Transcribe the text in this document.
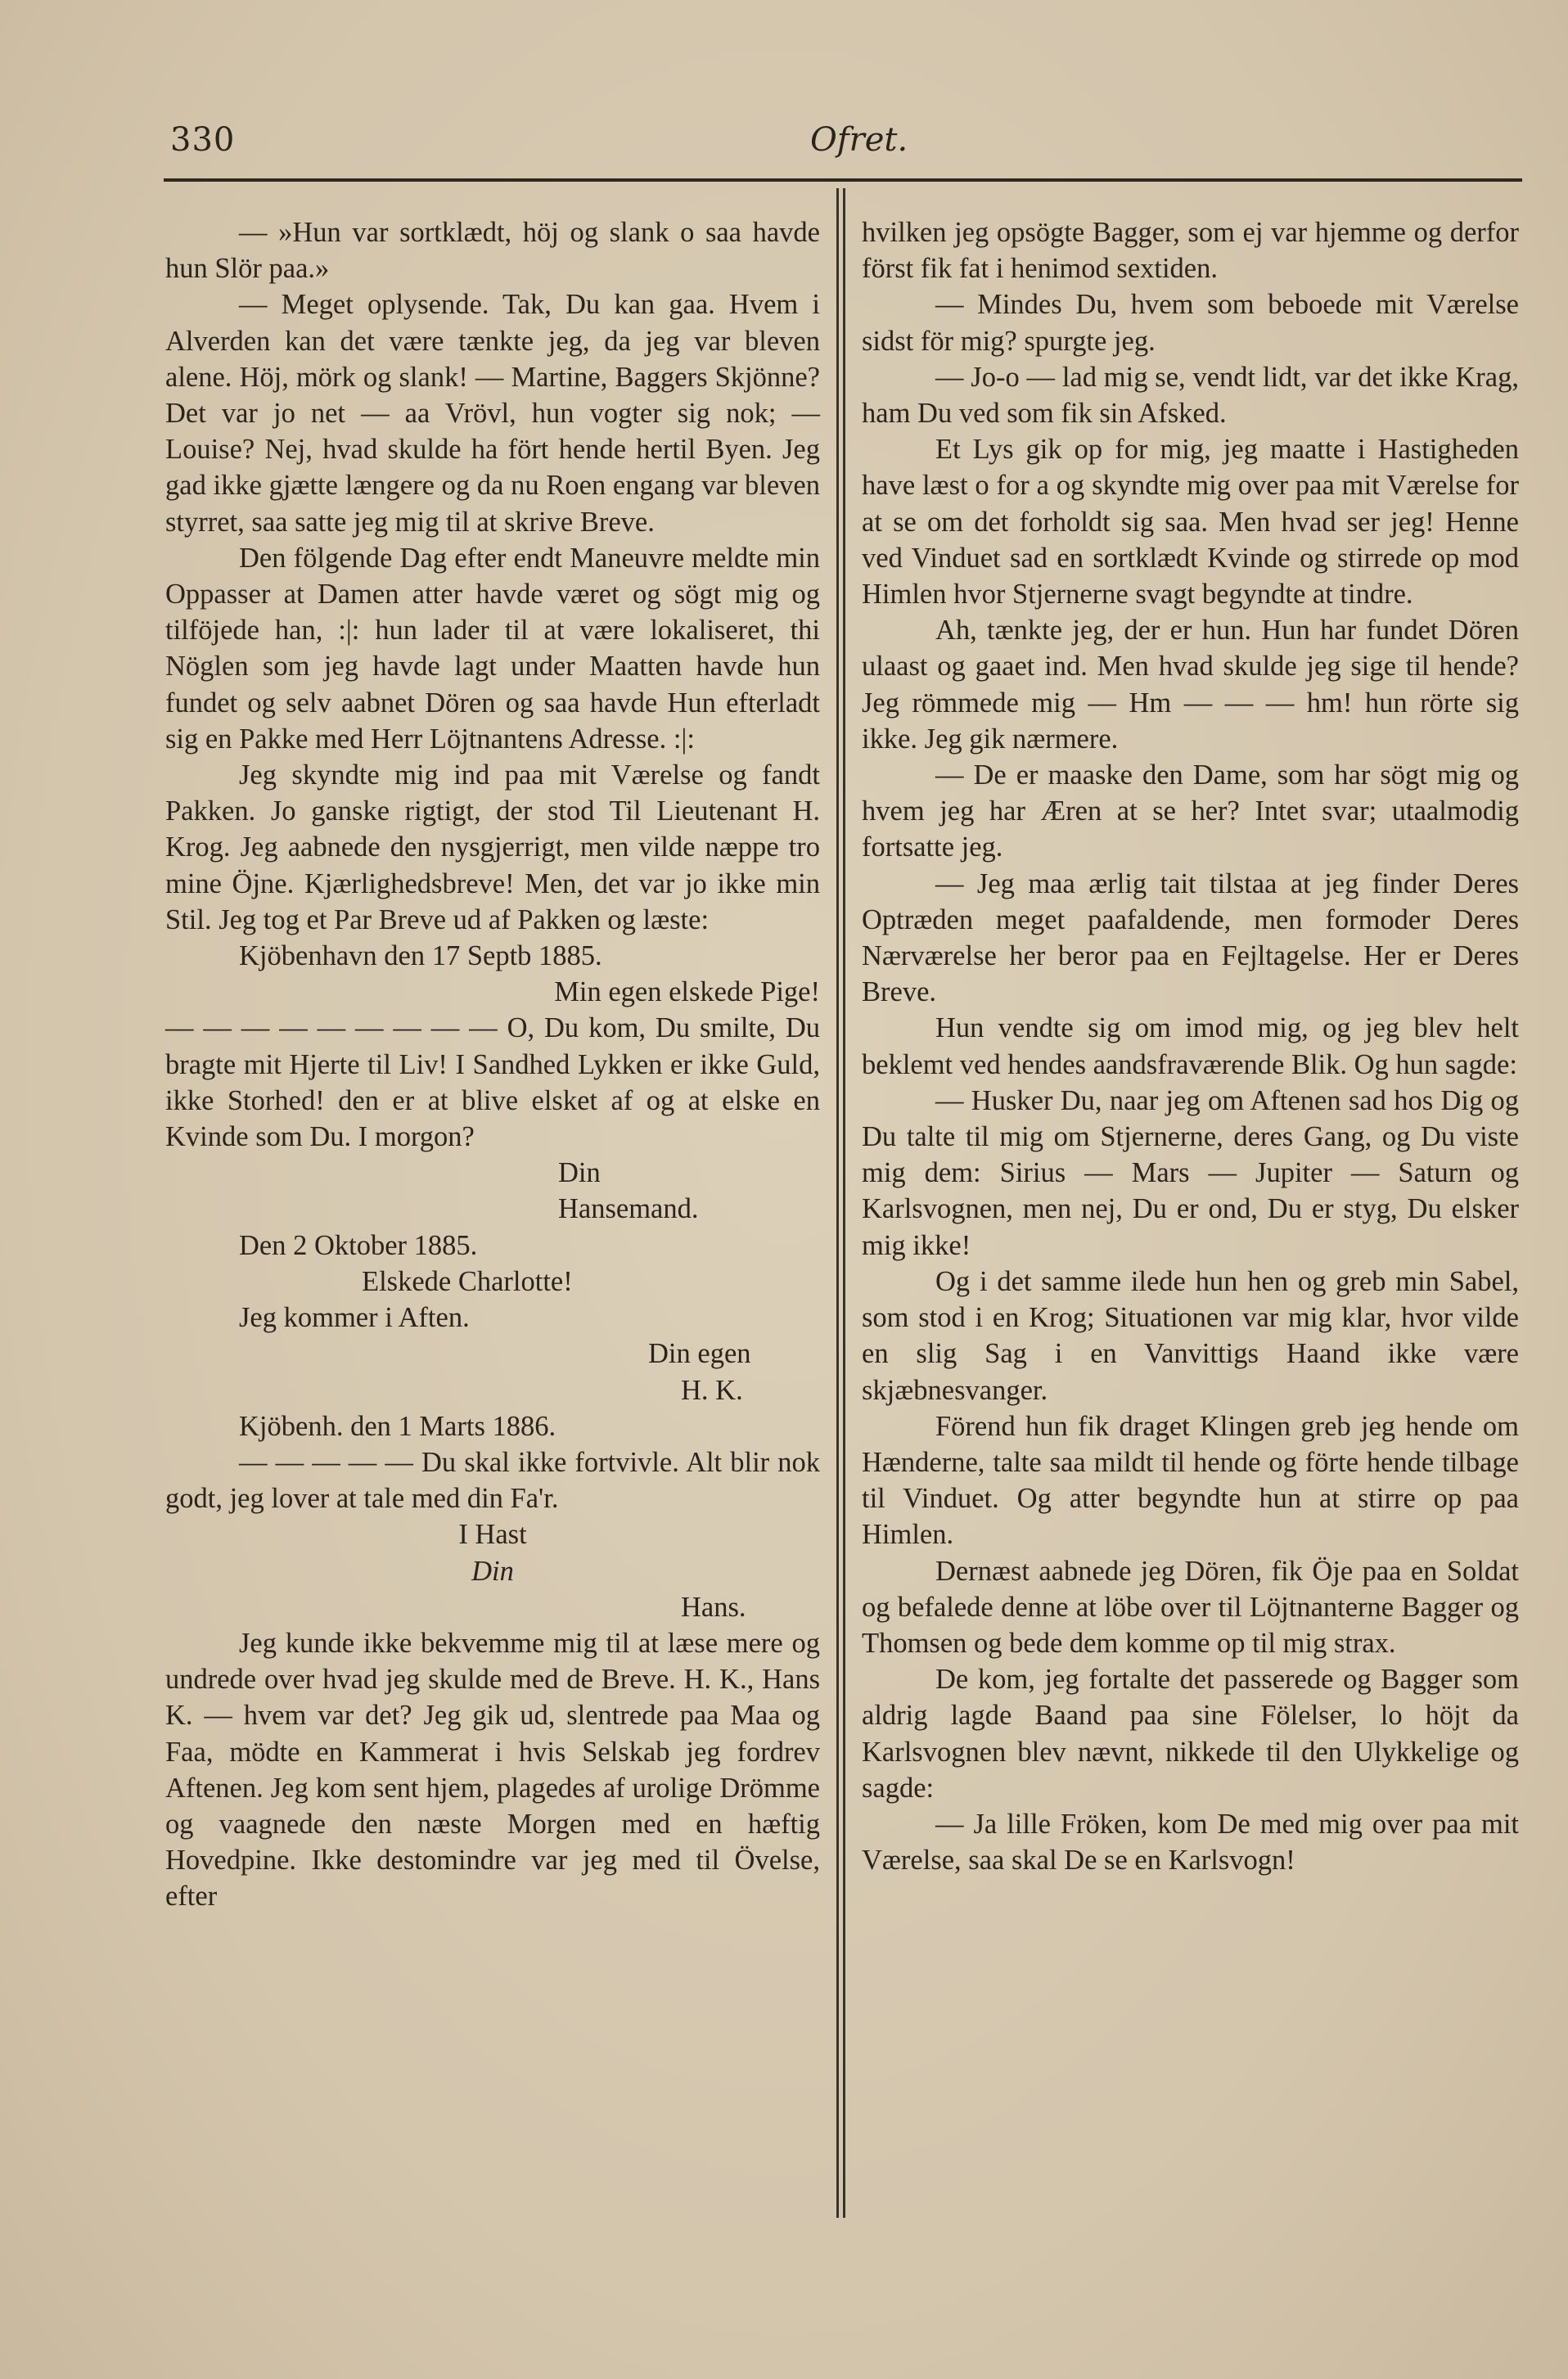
330	Ofret.

— »Hun var sortklædt, höj og slank o saa havde hun Slör paa.»

— Meget oplysende. Tak, Du kan gaa. Hvem i Alverden kan det være tænkte jeg, da jeg var bleven alene. Höj, mörk og slank! — Martine, Baggers Skjönne? Det var jo net — aa Vrövl, hun vogter sig nok; — Louise? Nej, hvad skulde ha fört hende hertil Byen. Jeg gad ikke gjætte længere og da nu Roen engang var bleven styrret, saa satte jeg mig til at skrive Breve.

Den fölgende Dag efter endt Maneuvre meldte min Oppasser at Damen atter havde været og sögt mig og tilföjede han, :|: hun lader til at være lokaliseret, thi Nöglen som jeg havde lagt under Maatten havde hun fundet og selv aabnet Dören og saa havde Hun efterladt sig en Pakke med Herr Löjtnantens Adresse. :|:

Jeg skyndte mig ind paa mit Værelse og fandt Pakken. Jo ganske rigtigt, der stod Til Lieutenant H. Krog. Jeg aabnede den nysgjerrigt, men vilde næppe tro mine Öjne. Kjærlighedsbreve! Men, det var jo ikke min Stil. Jeg tog et Par Breve ud af Pakken og læste:

Kjöbenhavn den 17 Septb 1885.

Min egen elskede Pige!

— — — — — — — — — O, Du kom, Du smilte, Du bragte mit Hjerte til Liv! I Sandhed Lykken er ikke Guld, ikke Storhed! den er at blive elsket af og at elske en Kvinde som Du. I morgon?

Din

Hansemand.

Den 2 Oktober 1885.

Elskede Charlotte!

Jeg kommer i Aften.

Din egen

H. K.

Kjöbenh. den 1 Marts 1886.

— — — — — Du skal ikke fortvivle. Alt blir nok godt, jeg lover at tale med din Fa'r.

I Hast

Din

Hans.

Jeg kunde ikke bekvemme mig til at læse mere og undrede over hvad jeg skulde med de Breve. H. K., Hans K. — hvem var det? Jeg gik ud, slentrede paa Maa og Faa, mödte en Kammerat i hvis Selskab jeg fordrev Aftenen. Jeg kom sent hjem, plagedes af urolige Drömme og vaagnede den næste Morgen med en hæftig Hovedpine. Ikke destomindre var jeg med til Övelse, efter

hvilken jeg opsögte Bagger, som ej var hjemme og derfor först fik fat i henimod sextiden.

— Mindes Du, hvem som beboede mit Værelse sidst för mig? spurgte jeg.

— Jo-o — lad mig se, vendt lidt, var det ikke Krag, ham Du ved som fik sin Afsked.

Et Lys gik op for mig, jeg maatte i Hastigheden have læst o for a og skyndte mig over paa mit Værelse for at se om det forholdt sig saa. Men hvad ser jeg! Henne ved Vinduet sad en sortklædt Kvinde og stirrede op mod Himlen hvor Stjernerne svagt begyndte at tindre.

Ah, tænkte jeg, der er hun. Hun har fundet Dören ulaast og gaaet ind. Men hvad skulde jeg sige til hende? Jeg römmede mig — Hm — — — hm! hun rörte sig ikke. Jeg gik nærmere.

— De er maaske den Dame, som har sögt mig og hvem jeg har Æren at se her? Intet svar; utaalmodig fortsatte jeg.

— Jeg maa ærlig tait tilstaa at jeg finder Deres Optræden meget paafaldende, men formoder Deres Nærværelse her beror paa en Fejltagelse. Her er Deres Breve.

Hun vendte sig om imod mig, og jeg blev helt beklemt ved hendes aandsfraværende Blik. Og hun sagde:

— Husker Du, naar jeg om Aftenen sad hos Dig og Du talte til mig om Stjernerne, deres Gang, og Du viste mig dem: Sirius — Mars — Jupiter — Saturn og Karlsvognen, men nej, Du er ond, Du er styg, Du elsker mig ikke!

Og i det samme ilede hun hen og greb min Sabel, som stod i en Krog; Situationen var mig klar, hvor vilde en slig Sag i en Vanvittigs Haand ikke være skjæbnesvanger.

Förend hun fik draget Klingen greb jeg hende om Hænderne, talte saa mildt til hende og förte hende tilbage til Vinduet. Og atter begyndte hun at stirre op paa Himlen.

Dernæst aabnede jeg Dören, fik Öje paa en Soldat og befalede denne at löbe over til Löjtnanterne Bagger og Thomsen og bede dem komme op til mig strax.

De kom, jeg fortalte det passerede og Bagger som aldrig lagde Baand paa sine Fölelser, lo höjt da Karlsvognen blev nævnt, nikkede til den Ulykkelige og sagde:

— Ja lille Fröken, kom De med mig over paa mit Værelse, saa skal De se en Karlsvogn!
